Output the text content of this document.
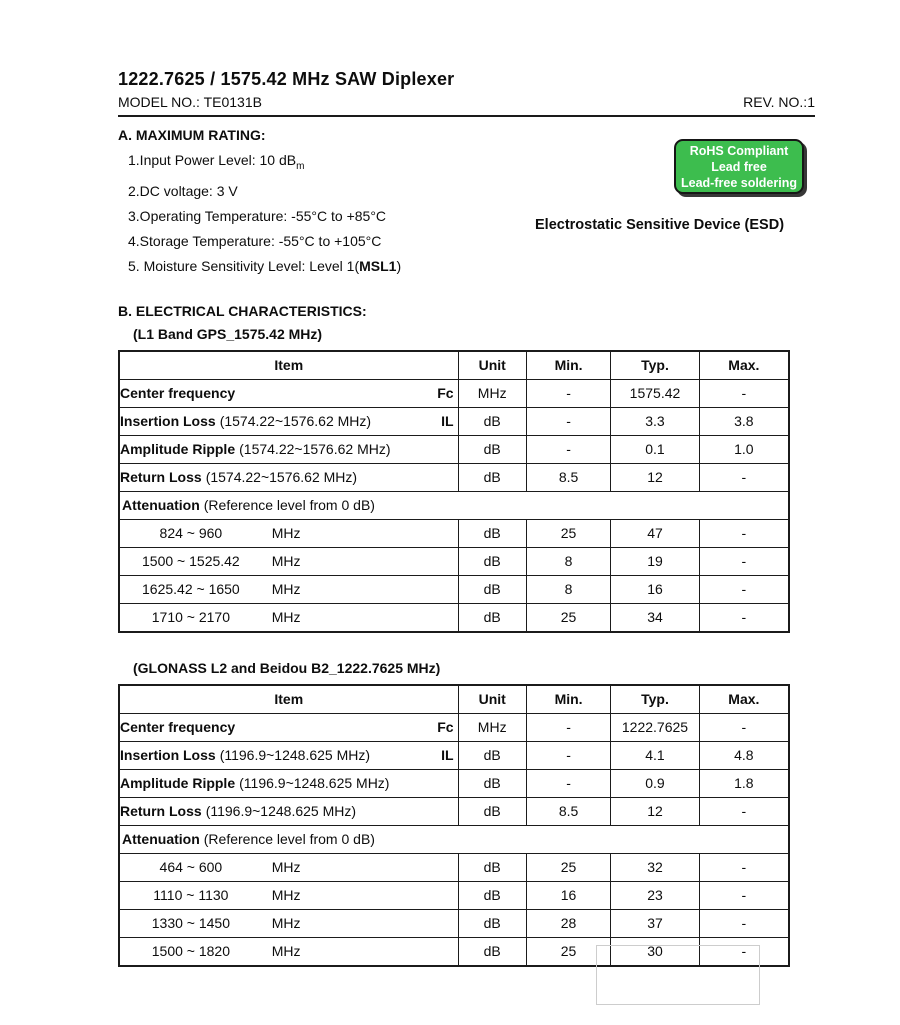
1222.7625 / 1575.42 MHz SAW Diplexer
MODEL NO.: TE0131B	REV. NO.:1
A. MAXIMUM RATING:
1.Input Power Level: 10 $dB_m$
2.DC voltage: 3 V
3.Operating Temperature: -55°C to +85°C
4.Storage Temperature: -55°C to +105°C
5. Moisture Sensitivity Level: Level 1(MSL1)
B. ELECTRICAL CHARACTERISTICS:
(L1 Band GPS_1575.42 MHz)
Item	Unit	Min.	Typ.	Max.

Center frequency Fc	MHz	-	1575.42	-

Insertion Loss (1574.22~1576.62 MHz) IL	dB	-	3.3	3.8

Amplitude Ripple (1574.22~1576.62 MHz)	dB	-	0.1	1.0

Return Loss (1574.22~1576.62 MHz)	dB	8.5	12	-
Attenuation (Reference level from 0 dB)				

824 ~ 960 MHz	dB	25	47	-

1500 ~ 1525.42 MHz	dB	8	19	-

1625.42 ~ 1650 MHz	dB	8	16	-

1710 ~ 2170 MHz	dB	25	34	-
(GLONASS L2 and Beidou B2_1222.7625 MHz)
Item	Unit	Min.	Typ.	Max.

Center frequency Fc	MHz	-	1222.7625	-

Insertion Loss (1196.9~1248.625 MHz) IL	dB	-	4.1	4.8

Amplitude Ripple (1196.9~1248.625 MHz)	dB	-	0.9	1.8

Return Loss (1196.9~1248.625 MHz)	dB	8.5	12	-
Attenuation (Reference level from 0 dB)				

464 ~ 600 MHz	dB	25	32	-

1110 ~ 1130 MHz	dB	16	23	-

1330 ~ 1450 MHz	dB	28	37	-

1500 ~ 1820 MHz	dB	25	30	-
RoHS Compliant
Lead free
Lead-free soldering
Electrostatic Sensitive Device (ESD)
